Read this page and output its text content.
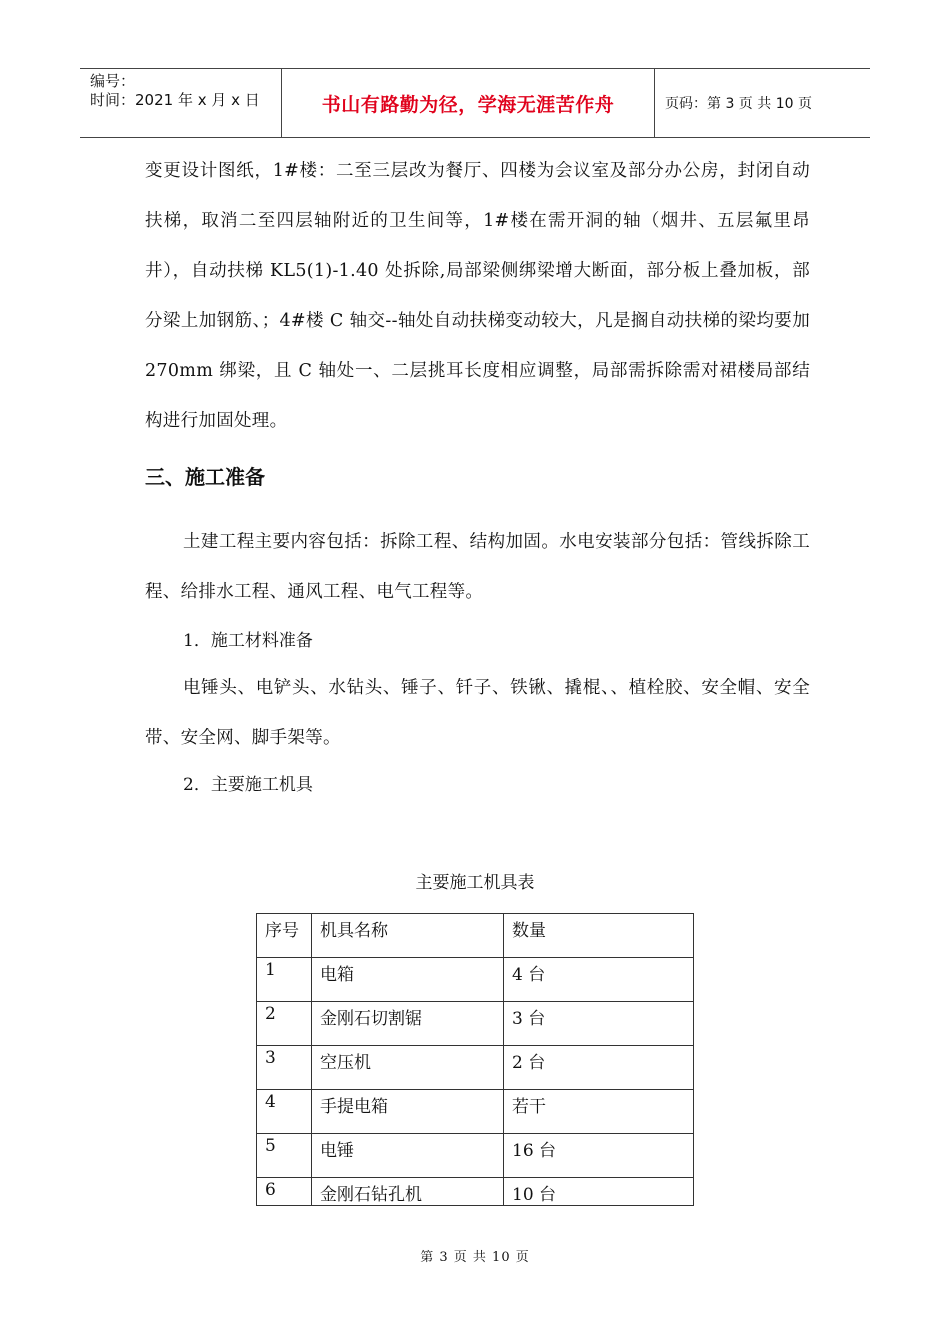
编号：
时间：2021 年 x 月 x 日	书山有路勤为径，学海无涯苦作舟	页码：第 3 页 共 10 页
变更设计图纸，1#楼：二至三层改为餐厅、四楼为会议室及部分办公房，封闭自动扶梯，取消二至四层轴附近的卫生间等，1#楼在需开洞的轴（烟井、五层氟里昂井），自动扶梯 KL5(1)-1.40 处拆除,局部梁侧绑梁增大断面，部分板上叠加板，部分梁上加钢筋、；4#楼 C 轴交--轴处自动扶梯变动较大，凡是搁自动扶梯的梁均要加 270mm 绑梁，且 C 轴处一、二层挑耳长度相应调整，局部需拆除需对裙楼局部结构进行加固处理。
三、施工准备
土建工程主要内容包括：拆除工程、结构加固。水电安装部分包括：管线拆除工程、给排水工程、通风工程、电气工程等。
1．施工材料准备
电锤头、电铲头、水钻头、锤子、钎子、铁锹、撬棍、、植栓胶、安全帽、安全带、安全网、脚手架等。
2．主要施工机具
主要施工机具表
序号	机具名称	数量
1	电箱	4 台
2	金刚石切割锯	3 台
3	空压机	2 台
4	手提电箱	若干
5	电锤	16 台
6	金刚石钻孔机	10 台
第 3 页 共 10 页
